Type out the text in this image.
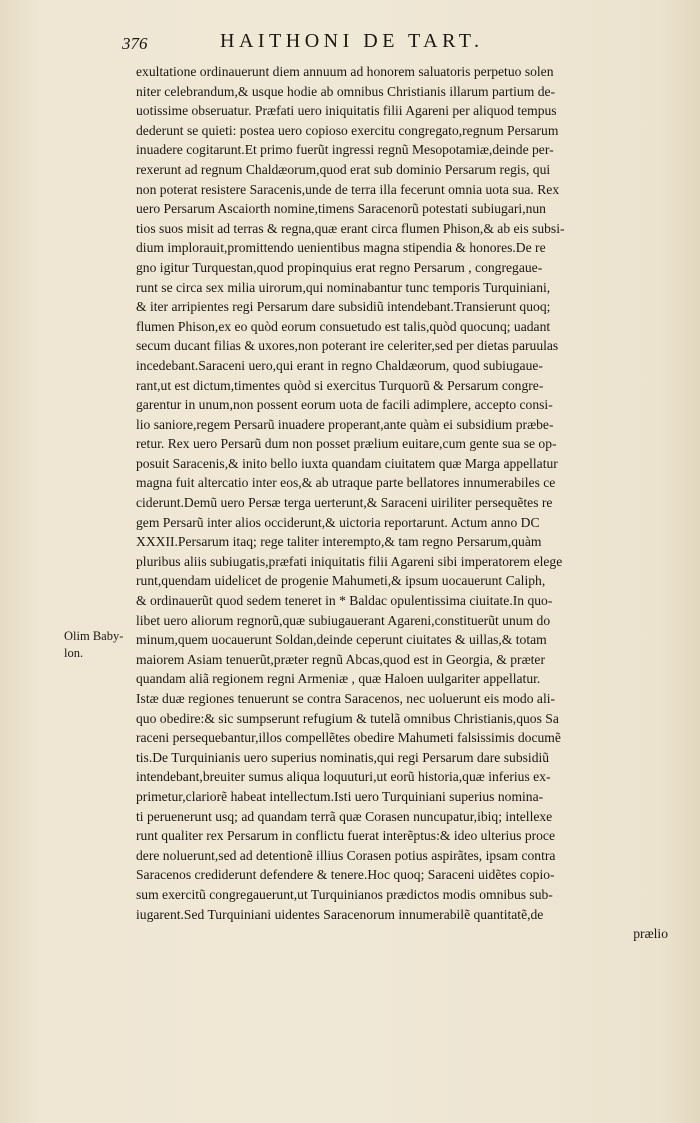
376	HAITHONI DE TART.
Olim Baby-
lon.
exultatione ordinauerunt diem annuum ad honorem saluatoris perpetuo solen
niter celebrandum,& usque hodie ab omnibus Christianis illarum partium de-
uotissime obseruatur. Præfati uero iniquitatis filii Agareni per aliquod tempus
dederunt se quieti: postea uero copioso exercitu congregato,regnum Persarum
inuadere cogitarunt.Et primo fuerũt ingressi regnũ Mesopotamiæ,deinde per-
rexerunt ad regnum Chaldæorum,quod erat sub dominio Persarum regis, qui
non poterat resistere Saracenis,unde de terra illa fecerunt omnia uota sua. Rex
uero Persarum Ascaiorth nomine,timens Saracenorũ potestati subiugari,nun
tios suos misit ad terras & regna,quæ erant circa flumen Phison,& ab eis subsi-
dium implorauit,promittendo uenientibus magna stipendia & honores.De re
gno igitur Turquestan,quod propinquius erat regno Persarum , congregaue-
runt se circa sex milia uirorum,qui nominabantur tunc temporis Turquiniani,
& iter arripientes regi Persarum dare subsidiũ intendebant.Transierunt quoq;
flumen Phison,ex eo quòd eorum consuetudo est talis,quòd quocunq; uadant
secum ducant filias & uxores,non poterant ire celeriter,sed per dietas paruulas
incedebant.Saraceni uero,qui erant in regno Chaldæorum, quod subiugaue-
rant,ut est dictum,timentes quòd si exercitus Turquorũ & Persarum congre-
garentur in unum,non possent eorum uota de facili adimplere, accepto consi-
lio saniore,regem Persarũ inuadere properant,ante quàm ei subsidium præbe-
retur. Rex uero Persarũ dum non posset prælium euitare,cum gente sua se op-
posuit Saracenis,& inito bello iuxta quandam ciuitatem quæ Marga appellatur
magna fuit altercatio inter eos,& ab utraque parte bellatores innumerabiles ce
ciderunt.Demũ uero Persæ terga uerterunt,& Saraceni uiriliter persequẽtes re
gem Persarũ inter alios occiderunt,& uictoria reportarunt. Actum anno DC
XXXII.Persarum itaq; rege taliter interempto,& tam regno Persarum,quàm
pluribus aliis subiugatis,præfati iniquitatis filii Agareni sibi imperatorem elege
runt,quendam uidelicet de progenie Mahumeti,& ipsum uocauerunt Caliph,
& ordinauerũt quod sedem teneret in * Baldac opulentissima ciuitate.In quo-
libet uero aliorum regnorũ,quæ subiugauerant Agareni,constituerũt unum do
minum,quem uocauerunt Soldan,deinde ceperunt ciuitates & uillas,& totam
maiorem Asiam tenuerũt,præter regnũ Abcas,quod est in Georgia, & præter
quandam aliã regionem regni Armeniæ , quæ Haloen uulgariter appellatur.
Istæ duæ regiones tenuerunt se contra Saracenos, nec uoluerunt eis modo ali-
quo obedire:& sic sumpserunt refugium & tutelã omnibus Christianis,quos Sa
raceni persequebantur,illos compellẽtes obedire Mahumeti falsissimis documẽ
tis.De Turquinianis uero superius nominatis,qui regi Persarum dare subsidiũ
intendebant,breuiter sumus aliqua loquuturi,ut eorũ historia,quæ inferius ex-
primetur,clariorẽ habeat intellectum.Isti uero Turquiniani superius nomina-
ti peruenerunt usq; ad quandam terrã quæ Corasen nuncupatur,ibiq; intellexe
runt qualiter rex Persarum in conflictu fuerat interẽptus:& ideo ulterius proce
dere noluerunt,sed ad detentionẽ illius Corasen potius aspirãtes, ipsam contra
Saracenos crediderunt defendere & tenere.Hoc quoq; Saraceni uidẽtes copio-
sum exercitũ congregauerunt,ut Turquinianos prædictos modis omnibus sub-
iugarent.Sed Turquiniani uidentes Saracenorum innumerabilẽ quantitatẽ,de
prælio
